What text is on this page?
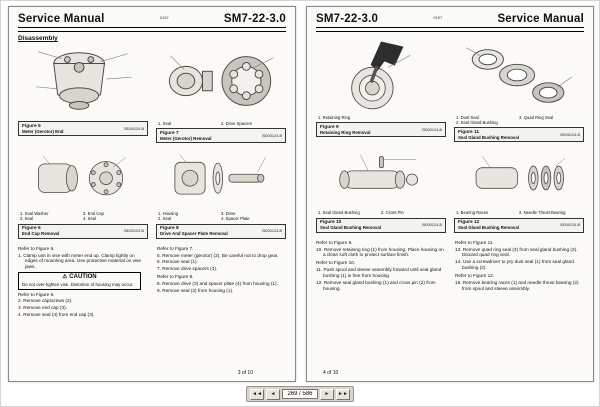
Service Manual	0197	SM7-22-3.0
Disassembly
Figure 5
Meter (Gerotor) End	BD00124-B
1. Seal	2. Drive Spacers
Figure 7
Meter (Gerotor) Removal	BD00124-B
1. Seal Washer
2. Seal
3. End Cap
4. Seal
Figure 6
End Cap Removal	BD00124-B
1. Housing
2. Seal
3. Drive
4. Spacer Plate
Figure 8
Drive And Spacer Plate Removal	BD00124-B
Refer to Figure 6.
1. Clamp unit in vise with meter end up. Clamp lightly on edges of mounting area. Use protective material on vise jaws.
⚠ CAUTION
Do not over-tighten vise. Distortion of housing may occur.
Refer to Figure 6.
2. Remove capscrews (2).
3. Remove end cap (3).
4. Remove seal (4) from end cap (3).
Refer to Figure 7.
5. Remove meter (gerotor) (2). Be careful not to drop gear.
6. Remove seal (1).
7. Remove drive spacers (3).
Refer to Figure 8.
8. Remove drive (3) and spacer plate (4) from housing (1).
9. Remove seal (2) from housing (1).
3 of 10
SM7-22-3.0	0197	Service Manual
1. Retaining Ring
Figure 9
Retaining Ring Removal	BD00124-B
1. Dust Seal
2. Seal Gland Bushing
3. Quad Ring Seal
Figure 11
Seal Gland Bushing Removal	BD00124-B
1. Seal Gland Bushing	2. Cross Pin
Figure 10
Seal Gland Bushing Removal	BD00124-B
1. Bearing Races	2. Needle Thrust Bearing
Figure 12
Seal Gland Bushing Removal	BD00124-B
Refer to Figure 9.
10. Remove retaining ring (1) from housing. Place housing on a clean soft cloth to protect surface finish.
Refer to Figure 10.
11. Push spool and sleeve assembly forward until seal gland bushing (1) is free from housing.
12. Remove seal gland bushing (1) and cross pin (2) from housing.
Refer to Figure 11.
13. Remove quad ring seal (3) from seal gland bushing (2). Discard quad ring seal.
14. Use a screwdriver to pry dust seal (1) from seal gland bushing (2).
Refer to Figure 12.
15. Remove bearing races (1) and needle thrust bearing (2) from spool and sleeve assembly.
4 of 10
◄◄	◄
269 / 586	►	►►
